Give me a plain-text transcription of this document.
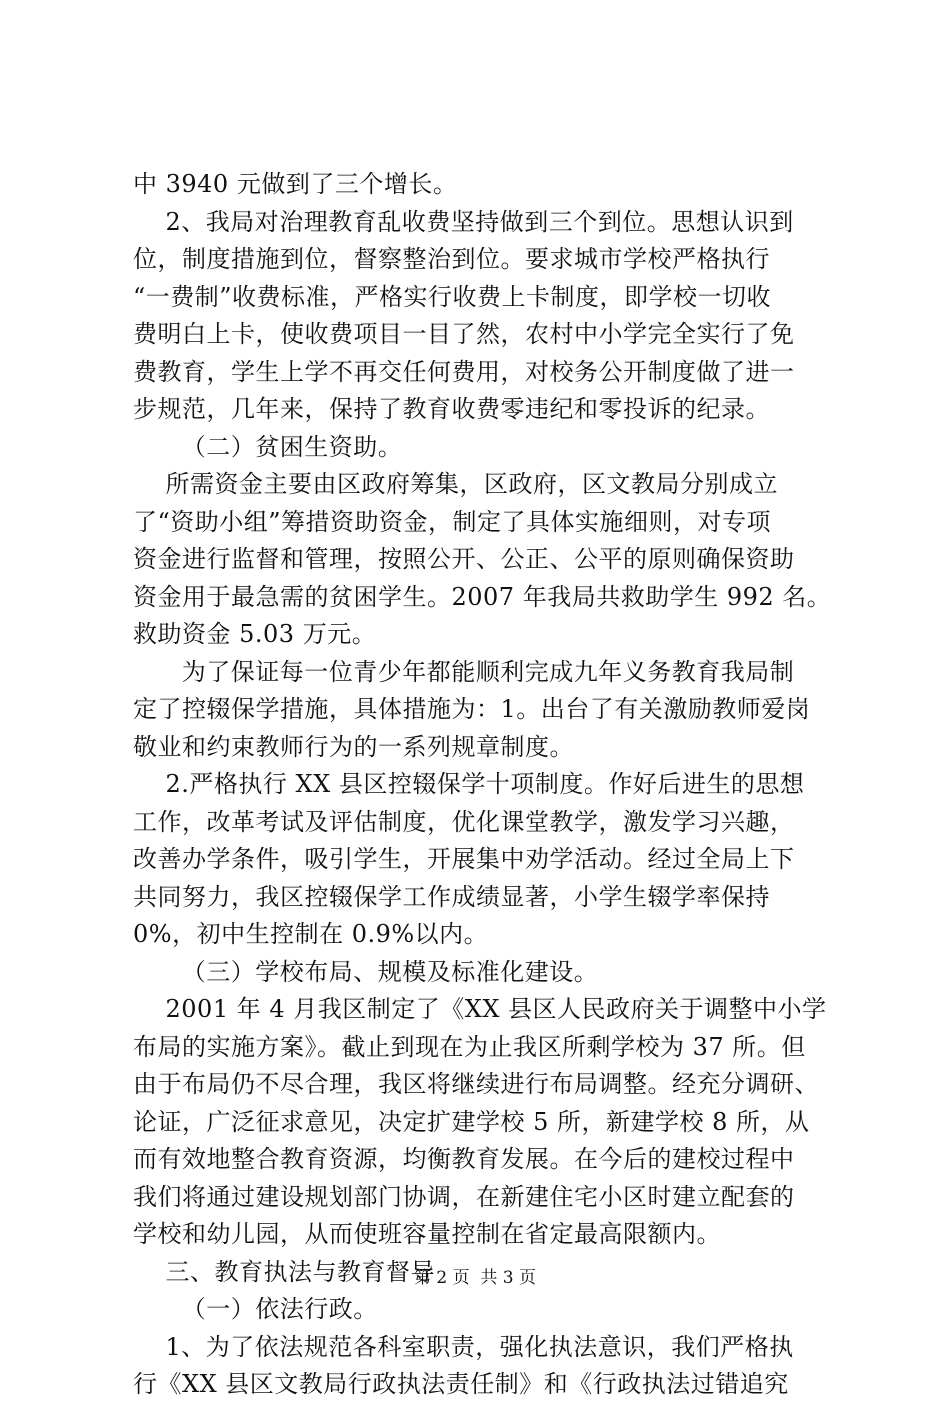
中 3940 元做到了三个增长。
2、我局对治理教育乱收费坚持做到三个到位。思想认识到
位，制度措施到位，督察整治到位。要求城市学校严格执行
“一费制”收费标准，严格实行收费上卡制度，即学校一切收
费明白上卡，使收费项目一目了然，农村中小学完全实行了免
费教育，学生上学不再交任何费用，对校务公开制度做了进一
步规范，几年来，保持了教育收费零违纪和零投诉的纪录。
（二）贫困生资助。
所需资金主要由区政府筹集，区政府，区文教局分别成立
了“资助小组”筹措资助资金，制定了具体实施细则，对专项
资金进行监督和管理，按照公开、公正、公平的原则确保资助
资金用于最急需的贫困学生。2007 年我局共救助学生 992 名。
救助资金 5.03 万元。
为了保证每一位青少年都能顺利完成九年义务教育我局制
定了控辍保学措施，具体措施为：1。出台了有关激励教师爱岗
敬业和约束教师行为的一系列规章制度。
2.严格执行 XX 县区控辍保学十项制度。作好后进生的思想
工作，改革考试及评估制度，优化课堂教学，激发学习兴趣，
改善办学条件，吸引学生，开展集中劝学活动。经过全局上下
共同努力，我区控辍保学工作成绩显著，小学生辍学率保持
0%，初中生控制在 0.9%以内。
（三）学校布局、规模及标准化建设。
2001 年 4 月我区制定了《XX 县区人民政府关于调整中小学
布局的实施方案》。截止到现在为止我区所剩学校为 37 所。但
由于布局仍不尽合理，我区将继续进行布局调整。经充分调研、
论证，广泛征求意见，决定扩建学校 5 所，新建学校 8 所，从
而有效地整合教育资源，均衡教育发展。在今后的建校过程中
我们将通过建设规划部门协调，在新建住宅小区时建立配套的
学校和幼儿园，从而使班容量控制在省定最高限额内。
三、教育执法与教育督导
（一）依法行政。
1、为了依法规范各科室职责，强化执法意识，我们严格执
行《XX 县区文教局行政执法责任制》和《行政执法过错追究
第 2 页  共 3 页
